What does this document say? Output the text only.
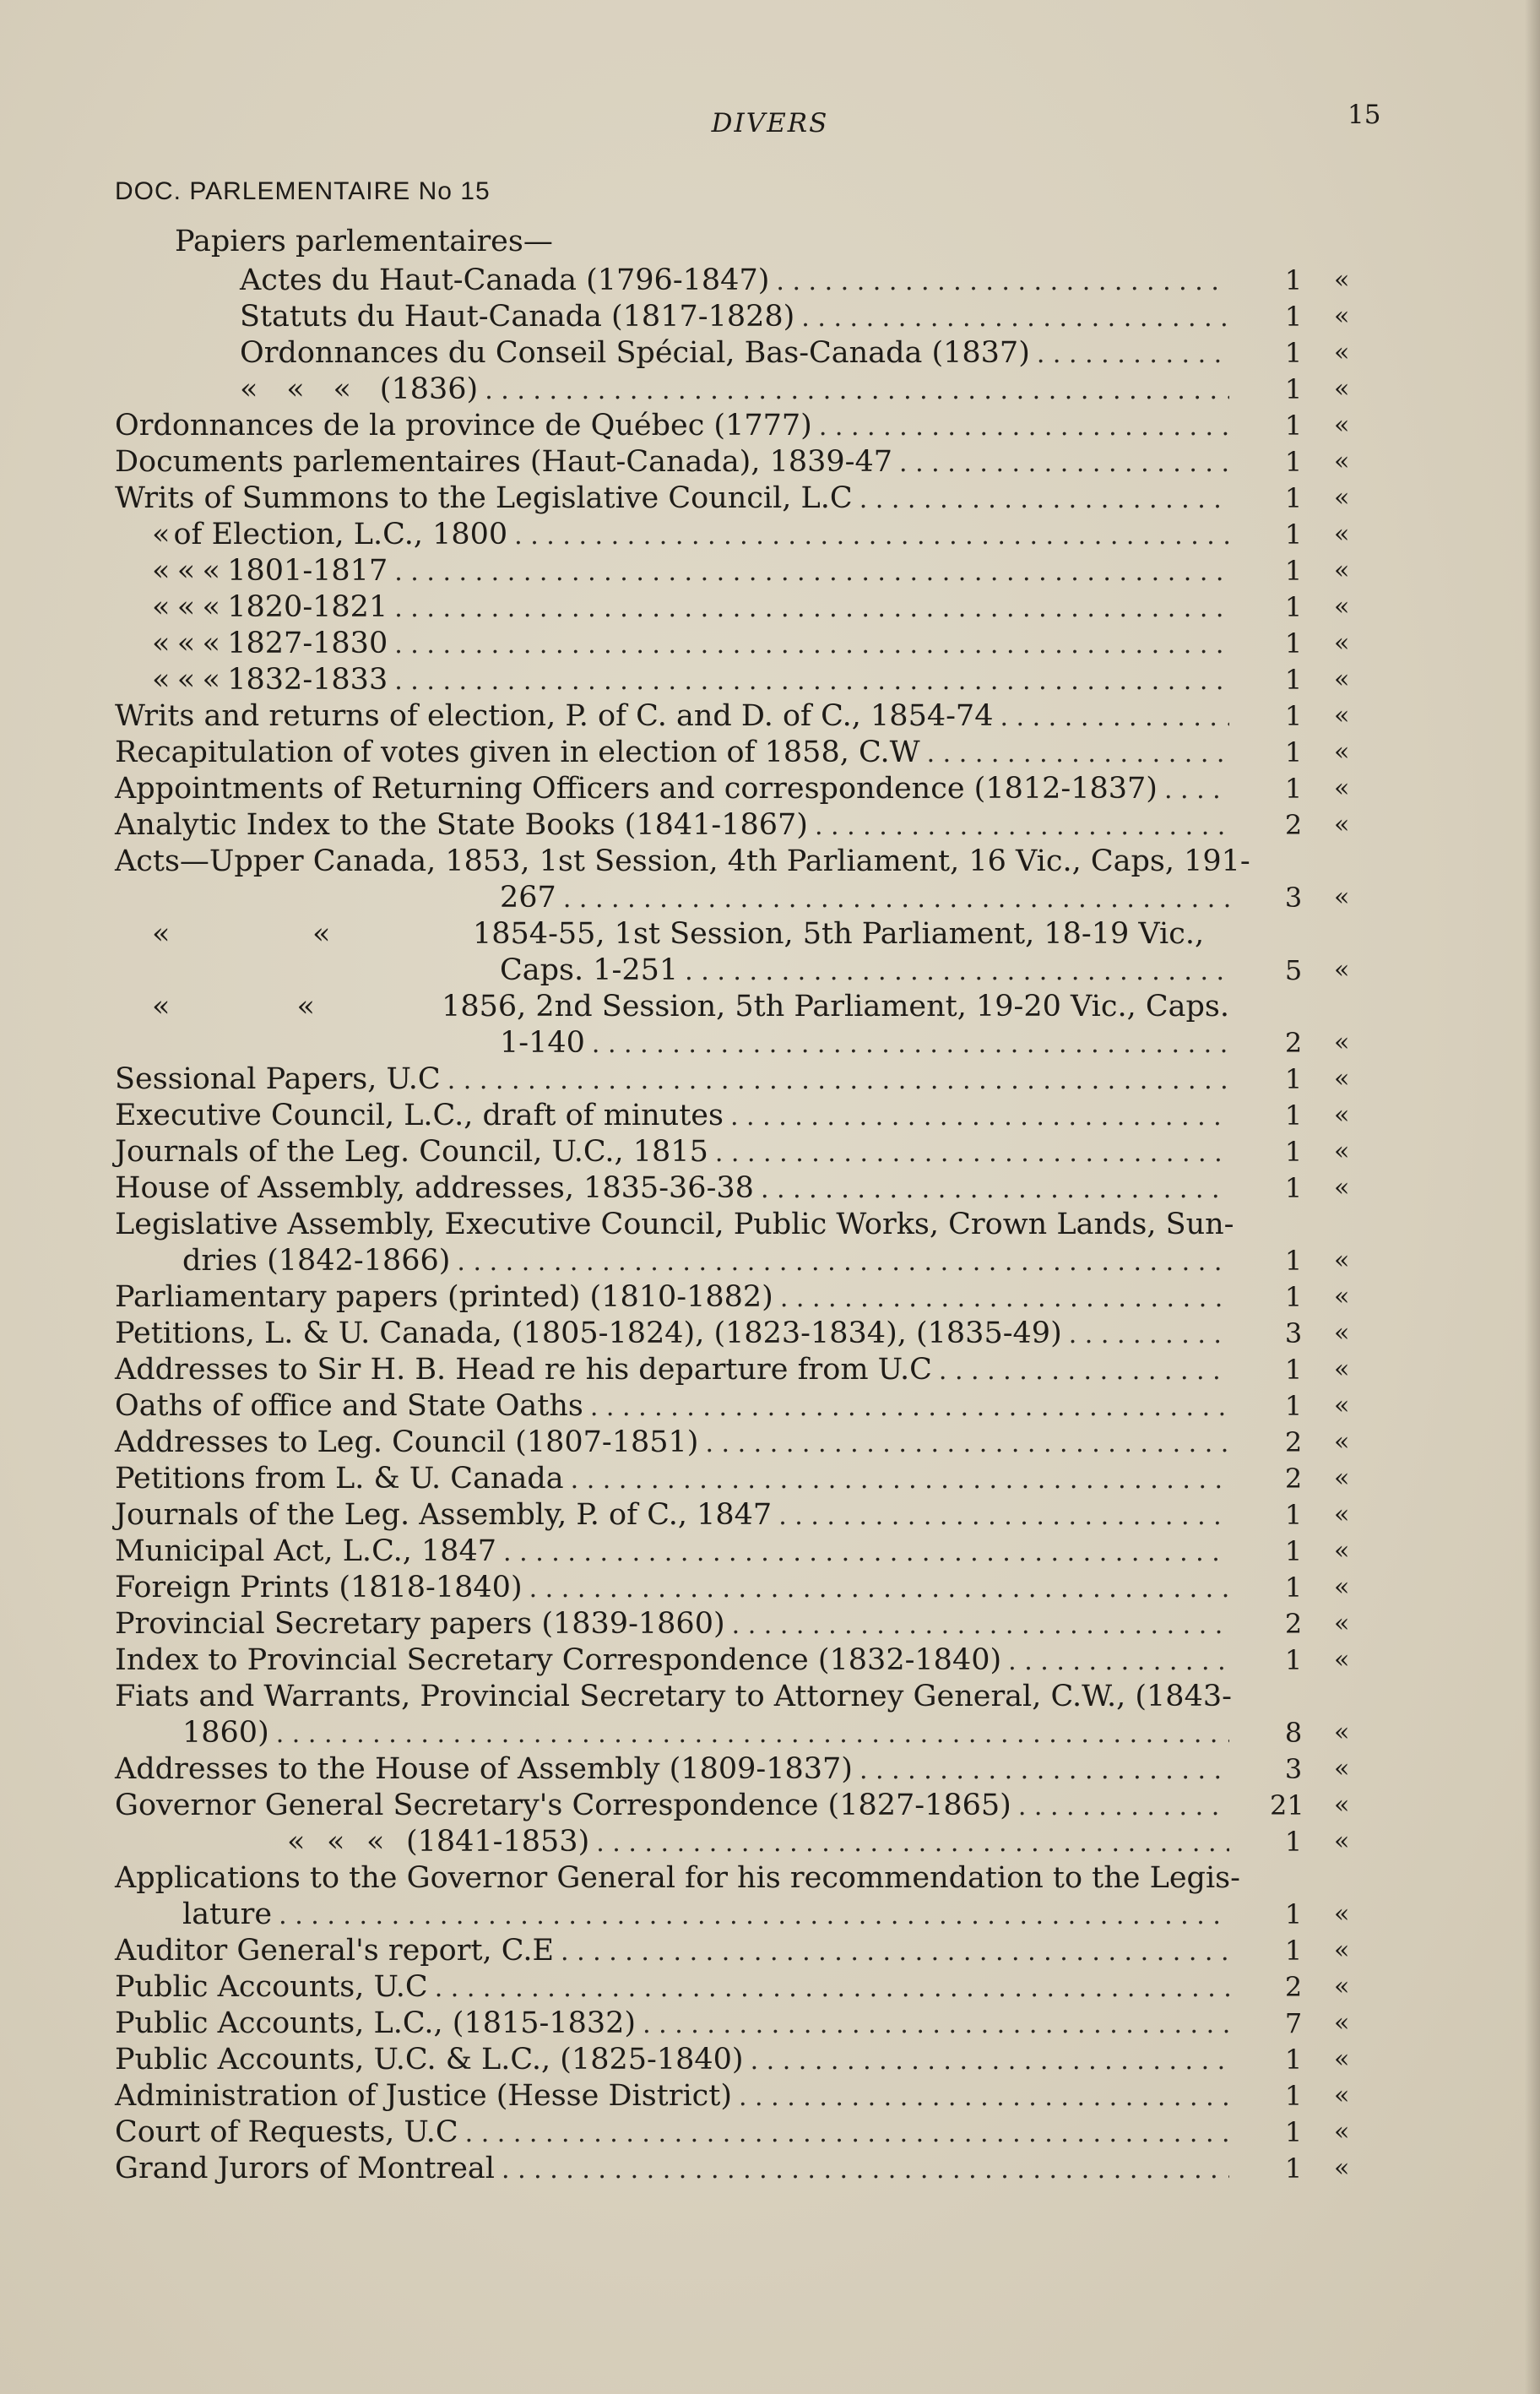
DIVERS	15
DOC. PARLEMENTAIRE No 15
Papiers parlementaires—
Actes du Haut-Canada (1796-1847) . . .	1	«
Statuts du Haut-Canada (1817-1828) . . .	1	«
Ordonnances du Conseil Spécial, Bas-Canada (1837) . . .	1	«
« « « (1836) . . .	1	«
Ordonnances de la province de Québec (1777) . . .	1	«
Documents parlementaires (Haut-Canada), 1839-47 . . .	1	«
Writs of Summons to the Legislative Council, L.C . . .	1	«
« of Election, L.C., 1800 . . .	1	«
« « « 1801-1817 . . .	1	«
« « « 1820-1821 . . .	1	«
« « « 1827-1830 . . .	1	«
« « « 1832-1833 . . .	1	«
Writs and returns of election, P. of C. and D. of C., 1854-74 . . .	1	«
Recapitulation of votes given in election of 1858, C.W . . .	1	«
Appointments of Returning Officers and correspondence (1812-1837) . . .	1	«
Analytic Index to the State Books (1841-1867) . . .	2	«
Acts—Upper Canada, 1853, 1st Session, 4th Parliament, 16 Vic., Caps, 191-
267 . . .	3	«
«	«	1854-55, 1st Session, 5th Parliament, 18-19 Vic.,
Caps. 1-251 . . .	5	«
«	«	1856, 2nd Session, 5th Parliament, 19-20 Vic., Caps.
1-140 . . .	2	«
Sessional Papers, U.C . . .	1	«
Executive Council, L.C., draft of minutes . . .	1	«
Journals of the Leg. Council, U.C., 1815 . . .	1	«
House of Assembly, addresses, 1835-36-38 . . .	1	«
Legislative Assembly, Executive Council, Public Works, Crown Lands, Sun-
dries (1842-1866) . . .	1	«
Parliamentary papers (printed) (1810-1882) . . .	1	«
Petitions, L. & U. Canada, (1805-1824), (1823-1834), (1835-49) . . .	3	«
Addresses to Sir H. B. Head re his departure from U.C . . .	1	«
Oaths of office and State Oaths . . .	1	«
Addresses to Leg. Council (1807-1851) . . .	2	«
Petitions from L. & U. Canada . . .	2	«
Journals of the Leg. Assembly, P. of C., 1847 . . .	1	«
Municipal Act, L.C., 1847 . . .	1	«
Foreign Prints (1818-1840) . . .	1	«
Provincial Secretary papers (1839-1860) . . .	2	«
Index to Provincial Secretary Correspondence (1832-1840) . . .	1	«
Fiats and Warrants, Provincial Secretary to Attorney General, C.W., (1843-
1860) . . .	8	«
Addresses to the House of Assembly (1809-1837) . . .	3	«
Governor General Secretary's Correspondence (1827-1865) . . .	21 «
« « « (1841-1853) . . .	1	«
Applications to the Governor General for his recommendation to the Legis-
lature . . .	1	«
Auditor General's report, C.E . . .	1	«
Public Accounts, U.C . . .	2	«
Public Accounts, L.C., (1815-1832) . . .	7	«
Public Accounts, U.C. & L.C., (1825-1840) . . .	1	«
Administration of Justice (Hesse District) . . .	1	«
Court of Requests, U.C . . .	1	«
Grand Jurors of Montreal . . .	1	«
